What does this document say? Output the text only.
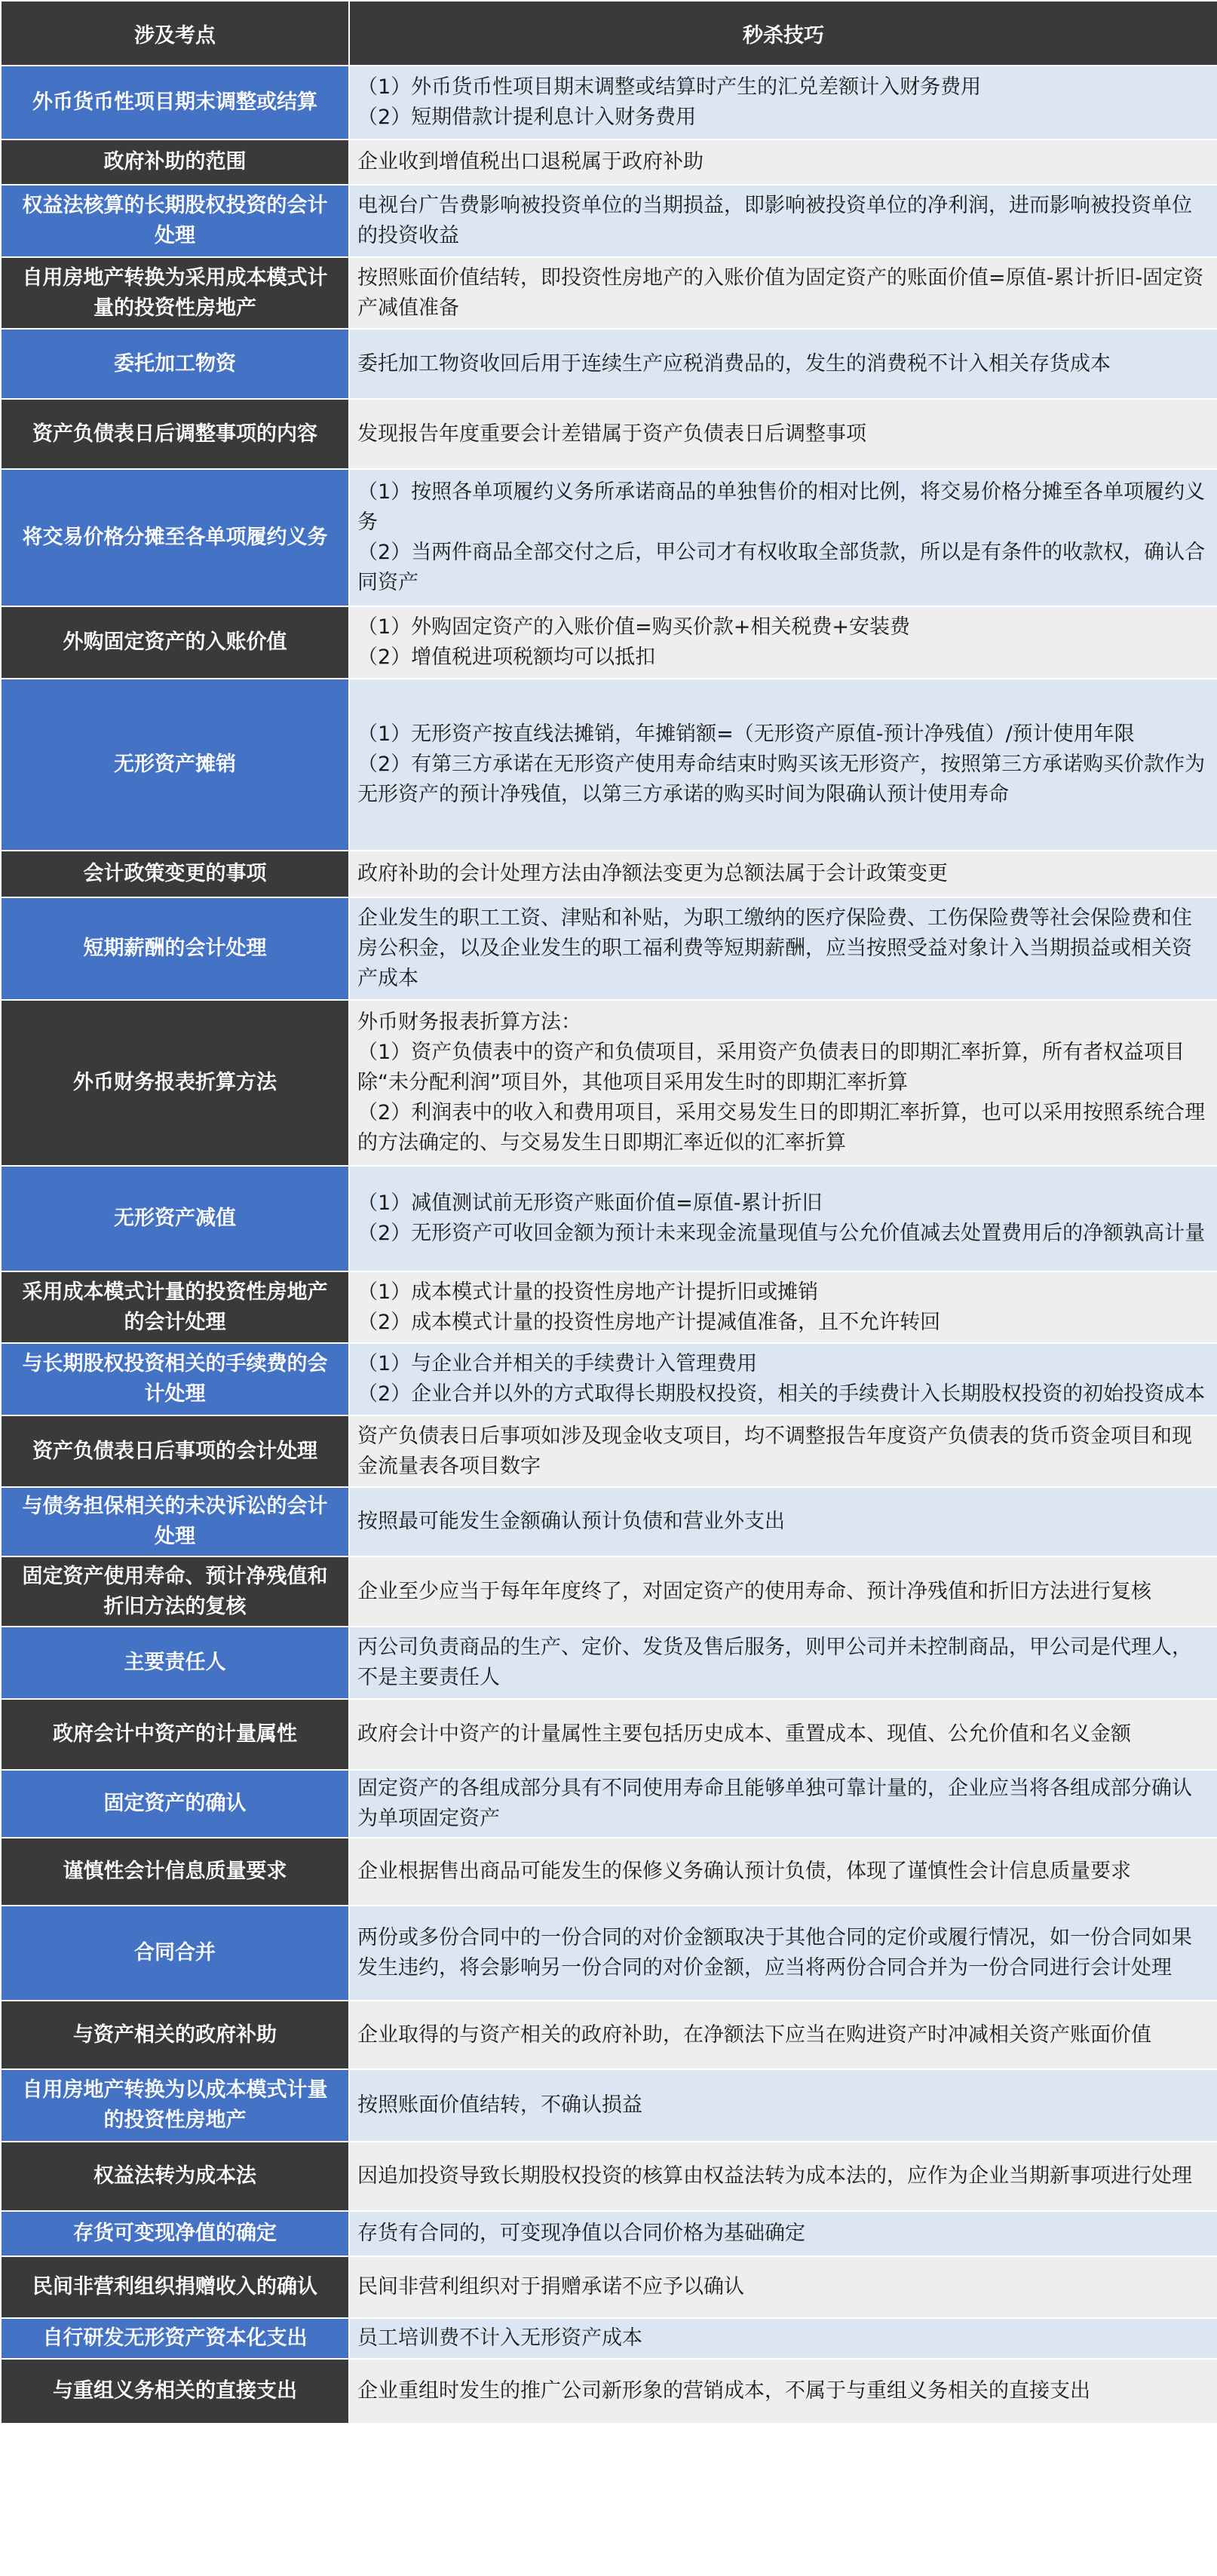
涉及考点	秒杀技巧
外币货币性项目期末调整或结算	（1）外币货币性项目期末调整或结算时产生的汇兑差额计入财务费用
（2）短期借款计提利息计入财务费用

政府补助的范围	企业收到增值税出口退税属于政府补助

权益法核算的长期股权投资的会计处理	电视台广告费影响被投资单位的当期损益，即影响被投资单位的净利润，进而影响被投资单位的投资收益

自用房地产转换为采用成本模式计量的投资性房地产	按照账面价值结转，即投资性房地产的入账价值为固定资产的账面价值=原值-累计折旧-固定资产减值准备

委托加工物资	委托加工物资收回后用于连续生产应税消费品的，发生的消费税不计入相关存货成本

资产负债表日后调整事项的内容	发现报告年度重要会计差错属于资产负债表日后调整事项

将交易价格分摊至各单项履约义务	（1）按照各单项履约义务所承诺商品的单独售价的相对比例，将交易价格分摊至各单项履约义务
（2）当两件商品全部交付之后，甲公司才有权收取全部货款，所以是有条件的收款权，确认合同资产

外购固定资产的入账价值	（1）外购固定资产的入账价值=购买价款+相关税费+安装费
（2）增值税进项税额均可以抵扣

无形资产摊销	（1）无形资产按直线法摊销，年摊销额=（无形资产原值-预计净残值）/预计使用年限
（2）有第三方承诺在无形资产使用寿命结束时购买该无形资产，按照第三方承诺购买价款作为无形资产的预计净残值，以第三方承诺的购买时间为限确认预计使用寿命

会计政策变更的事项	政府补助的会计处理方法由净额法变更为总额法属于会计政策变更

短期薪酬的会计处理	企业发生的职工工资、津贴和补贴，为职工缴纳的医疗保险费、工伤保险费等社会保险费和住房公积金，以及企业发生的职工福利费等短期薪酬，应当按照受益对象计入当期损益或相关资产成本

外币财务报表折算方法	外币财务报表折算方法：
（1）资产负债表中的资产和负债项目，采用资产负债表日的即期汇率折算，所有者权益项目除“未分配利润”项目外，其他项目采用发生时的即期汇率折算
（2）利润表中的收入和费用项目，采用交易发生日的即期汇率折算，也可以采用按照系统合理的方法确定的、与交易发生日即期汇率近似的汇率折算

无形资产减值	（1）减值测试前无形资产账面价值=原值-累计折旧
（2）无形资产可收回金额为预计未来现金流量现值与公允价值减去处置费用后的净额孰高计量

采用成本模式计量的投资性房地产的会计处理	（1）成本模式计量的投资性房地产计提折旧或摊销
（2）成本模式计量的投资性房地产计提减值准备，且不允许转回

与长期股权投资相关的手续费的会计处理	（1）与企业合并相关的手续费计入管理费用
（2）企业合并以外的方式取得长期股权投资，相关的手续费计入长期股权投资的初始投资成本

资产负债表日后事项的会计处理	资产负债表日后事项如涉及现金收支项目，均不调整报告年度资产负债表的货币资金项目和现金流量表各项目数字

与债务担保相关的未决诉讼的会计处理	按照最可能发生金额确认预计负债和营业外支出

固定资产使用寿命、预计净残值和折旧方法的复核	企业至少应当于每年年度终了，对固定资产的使用寿命、预计净残值和折旧方法进行复核

主要责任人	丙公司负责商品的生产、定价、发货及售后服务，则甲公司并未控制商品，甲公司是代理人，不是主要责任人

政府会计中资产的计量属性	政府会计中资产的计量属性主要包括历史成本、重置成本、现值、公允价值和名义金额

固定资产的确认	固定资产的各组成部分具有不同使用寿命且能够单独可靠计量的，企业应当将各组成部分确认为单项固定资产

谨慎性会计信息质量要求	企业根据售出商品可能发生的保修义务确认预计负债，体现了谨慎性会计信息质量要求

合同合并	两份或多份合同中的一份合同的对价金额取决于其他合同的定价或履行情况，如一份合同如果发生违约，将会影响另一份合同的对价金额，应当将两份合同合并为一份合同进行会计处理

与资产相关的政府补助	企业取得的与资产相关的政府补助，在净额法下应当在购进资产时冲减相关资产账面价值

自用房地产转换为以成本模式计量的投资性房地产	按照账面价值结转，不确认损益

权益法转为成本法	因追加投资导致长期股权投资的核算由权益法转为成本法的，应作为企业当期新事项进行处理

存货可变现净值的确定	存货有合同的，可变现净值以合同价格为基础确定

民间非营利组织捐赠收入的确认	民间非营利组织对于捐赠承诺不应予以确认

自行研发无形资产资本化支出	员工培训费不计入无形资产成本

与重组义务相关的直接支出	企业重组时发生的推广公司新形象的营销成本，不属于与重组义务相关的直接支出
